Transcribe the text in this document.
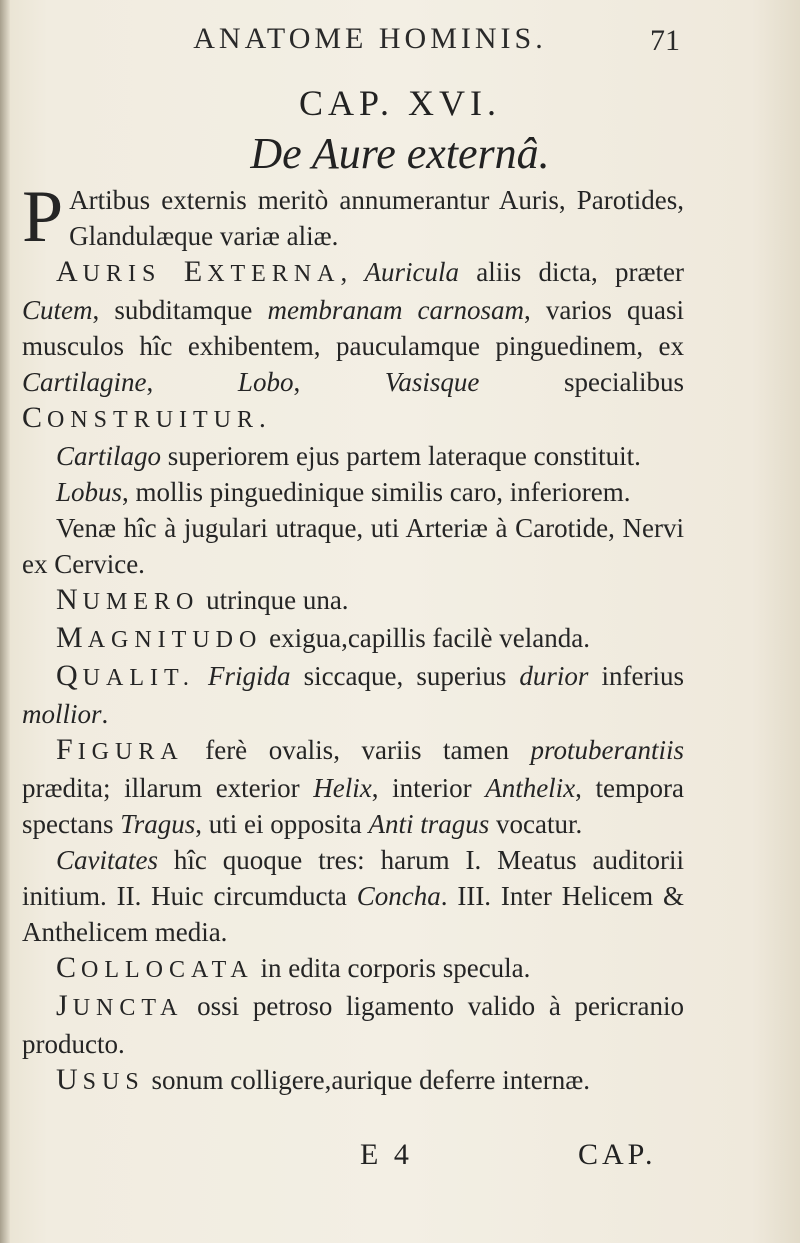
ANATOME HOMINIS.	71
CAP. XVI.
De Aure externâ.

P Artibus externis meritò annumerantur Auris, Parotides, Glandulæque variæ aliæ.

AURIS EXTERNA, Auricula aliis dicta, præter Cutem, subditamque membranam carnosam, varios quasi musculos hîc exhibentem, pauculamque pinguedinem, ex Cartilagine, Lobo, Vasisque specialibus CONSTRUITUR.

Cartilago superiorem ejus partem lateraque constituit.

Lobus, mollis pinguedinique similis caro, inferiorem.

Venæ hîc à jugulari utraque, uti Arteriæ à Carotide, Nervi ex Cervice.

NUMERO utrinque una.

MAGNITUDO exigua,capillis facilè velanda.

QUALIT. Frigida siccaque, superius durior inferius mollior.

FIGURA ferè ovalis, variis tamen protuberantiis prædita; illarum exterior Helix, interior Anthelix, tempora spectans Tragus, uti ei opposita Anti tragus vocatur.

Cavitates hîc quoque tres: harum I. Meatus auditorii initium. II. Huic circumducta Concha. III. Inter Helicem & Anthelicem media.

COLLOCATA in edita corporis specula.

JUNCTA ossi petroso ligamento valido à pericranio producto.

USUS sonum colligere,aurique deferre internæ.

E 4	CAP.
